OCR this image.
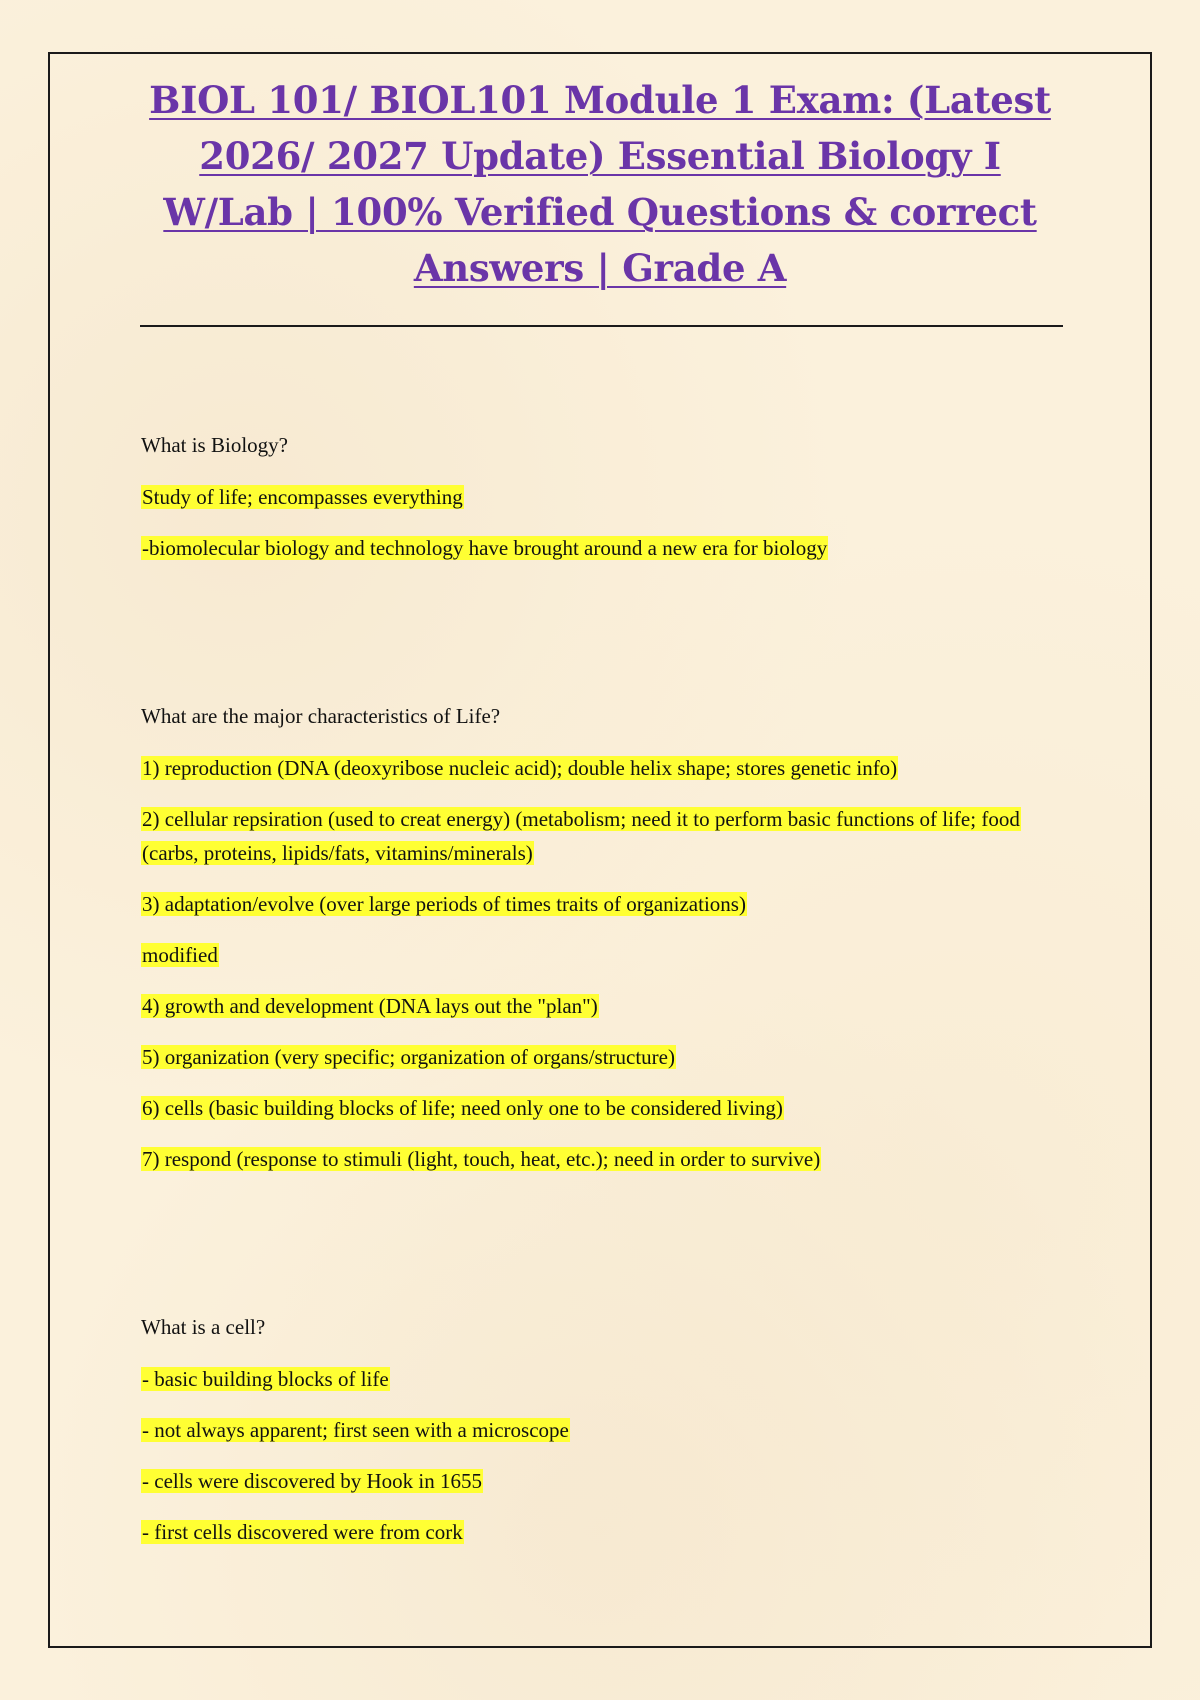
BIOL 101/ BIOL101 Module 1 Exam: (Latest
2026/ 2027 Update) Essential Biology I
W/Lab | 100% Verified Questions & correct
Answers | Grade A

What is Biology?

Study of life; encompasses everything
-biomolecular biology and technology have brought around a new era for biology

What are the major characteristics of Life?

1) reproduction (DNA (deoxyribose nucleic acid); double helix shape; stores genetic info)
2) cellular repsiration (used to creat energy) (metabolism; need it to perform basic functions of life; food (carbs, proteins, lipids/fats, vitamins/minerals)
3) adaptation/evolve (over large periods of times traits of organizations)
modified
4) growth and development (DNA lays out the "plan")
5) organization (very specific; organization of organs/structure)
6) cells (basic building blocks of life; need only one to be considered living)
7) respond (response to stimuli (light, touch, heat, etc.); need in order to survive)

What is a cell?

- basic building blocks of life
- not always apparent; first seen with a microscope
- cells were discovered by Hook in 1655
- first cells discovered were from cork
